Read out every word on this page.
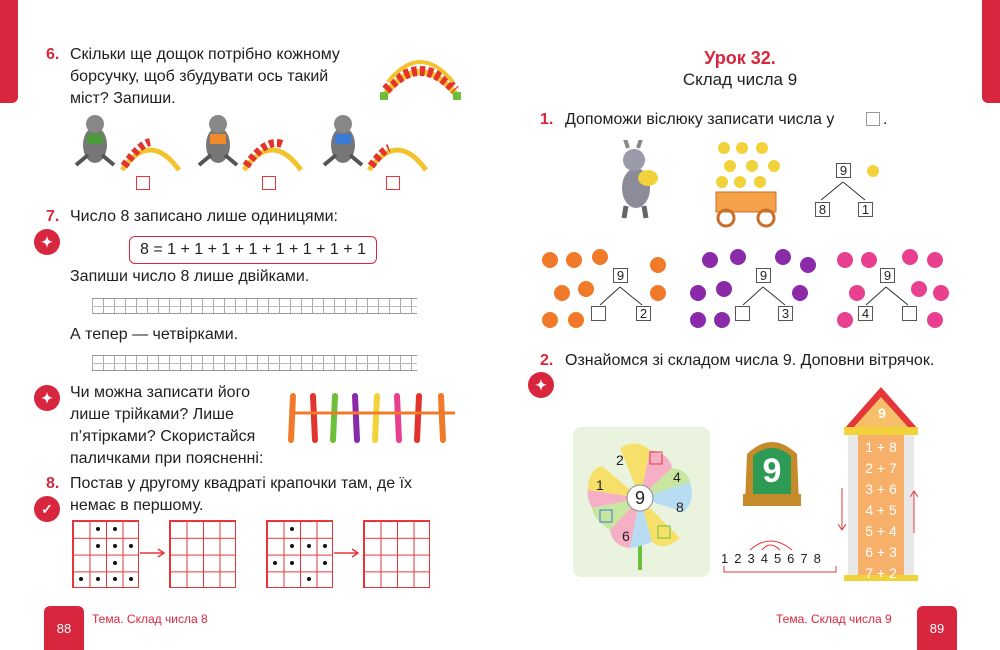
6. Скільки ще дощок потрібно кожному борсучку, щоб збудувати ось такий міст? Запиши.
7. Число 8 записано лише одиницями:
✦	8 = 1 + 1 + 1 + 1 + 1 + 1 + 1 + 1
Запиши число 8 лише двійками.
А тепер — четвірками.
✦	Чи можна записати його лише трійками? Лише п’ятірками? Скористайся паличками при поясненні:
8. Постав у другому квадраті крапочки там, де їх немає в першому.
✓
88
Тема. Склад числа 8
Урок 32.
Склад числа 9
1. Допоможи віслюку записати числа у	.
9
8	1
9
2
9
3
9
4
2. Ознайомся зі складом числа 9. Доповни вітрячок.
✦
9
2
4
8
6
1	9
1 2 3 4 5 6 7 8
9
1 + 8
2 + 7
3 + 6
4 + 5
5 + 4
6 + 3
7 + 2
8 + 1
Тема. Склад числа 9
89
